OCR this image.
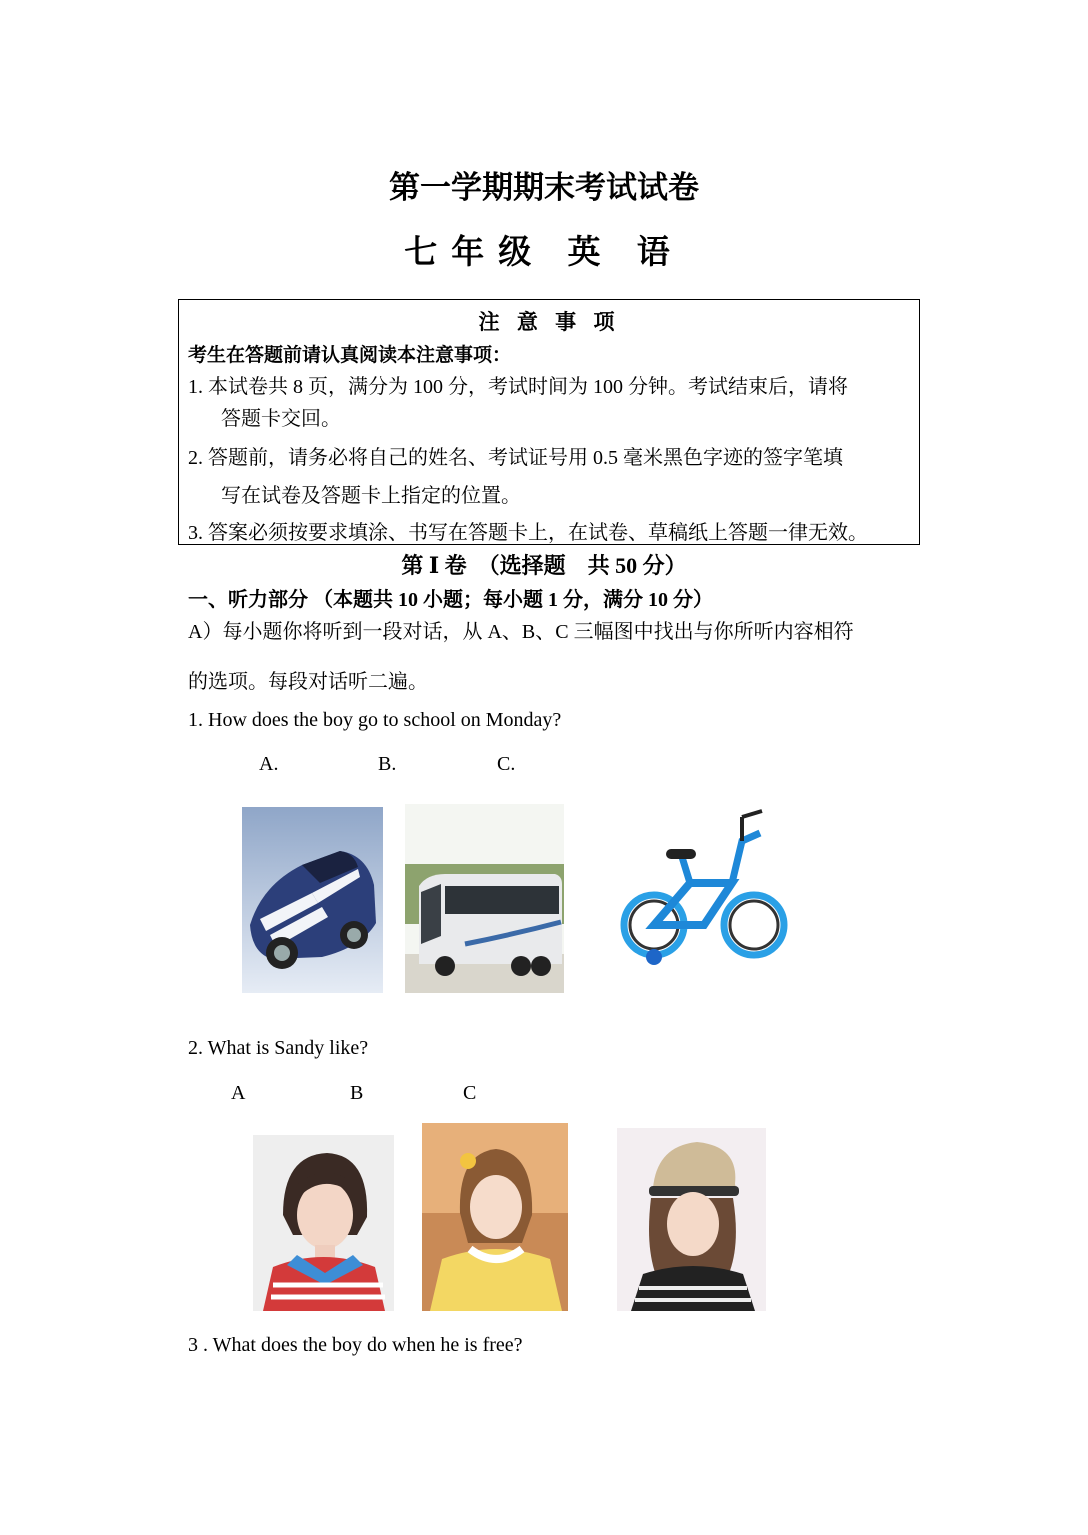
第一学期期末考试试卷
七年级 英 语
注 意 事 项
考生在答题前请认真阅读本注意事项：
1. 本试卷共 8 页，满分为 100 分，考试时间为 100 分钟。考试结束后，请将
答题卡交回。
2. 答题前，请务必将自己的姓名、考试证号用 0.5 毫米黑色字迹的签字笔填
写在试卷及答题卡上指定的位置。
3. 答案必须按要求填涂、书写在答题卡上，在试卷、草稿纸上答题一律无效。
第 Ⅰ 卷　（选择题　共 50 分）
一、听力部分 （本题共 10 小题；每小题 1 分，满分 10 分）
A）每小题你将听到一段对话，从 A、B、C 三幅图中找出与你所听内容相符
的选项。每段对话听二遍。
1. How does the boy go to school on Monday?
A.	B.	C.
2. What is Sandy like?
A	B	C
3 . What does the boy do when he is free?
